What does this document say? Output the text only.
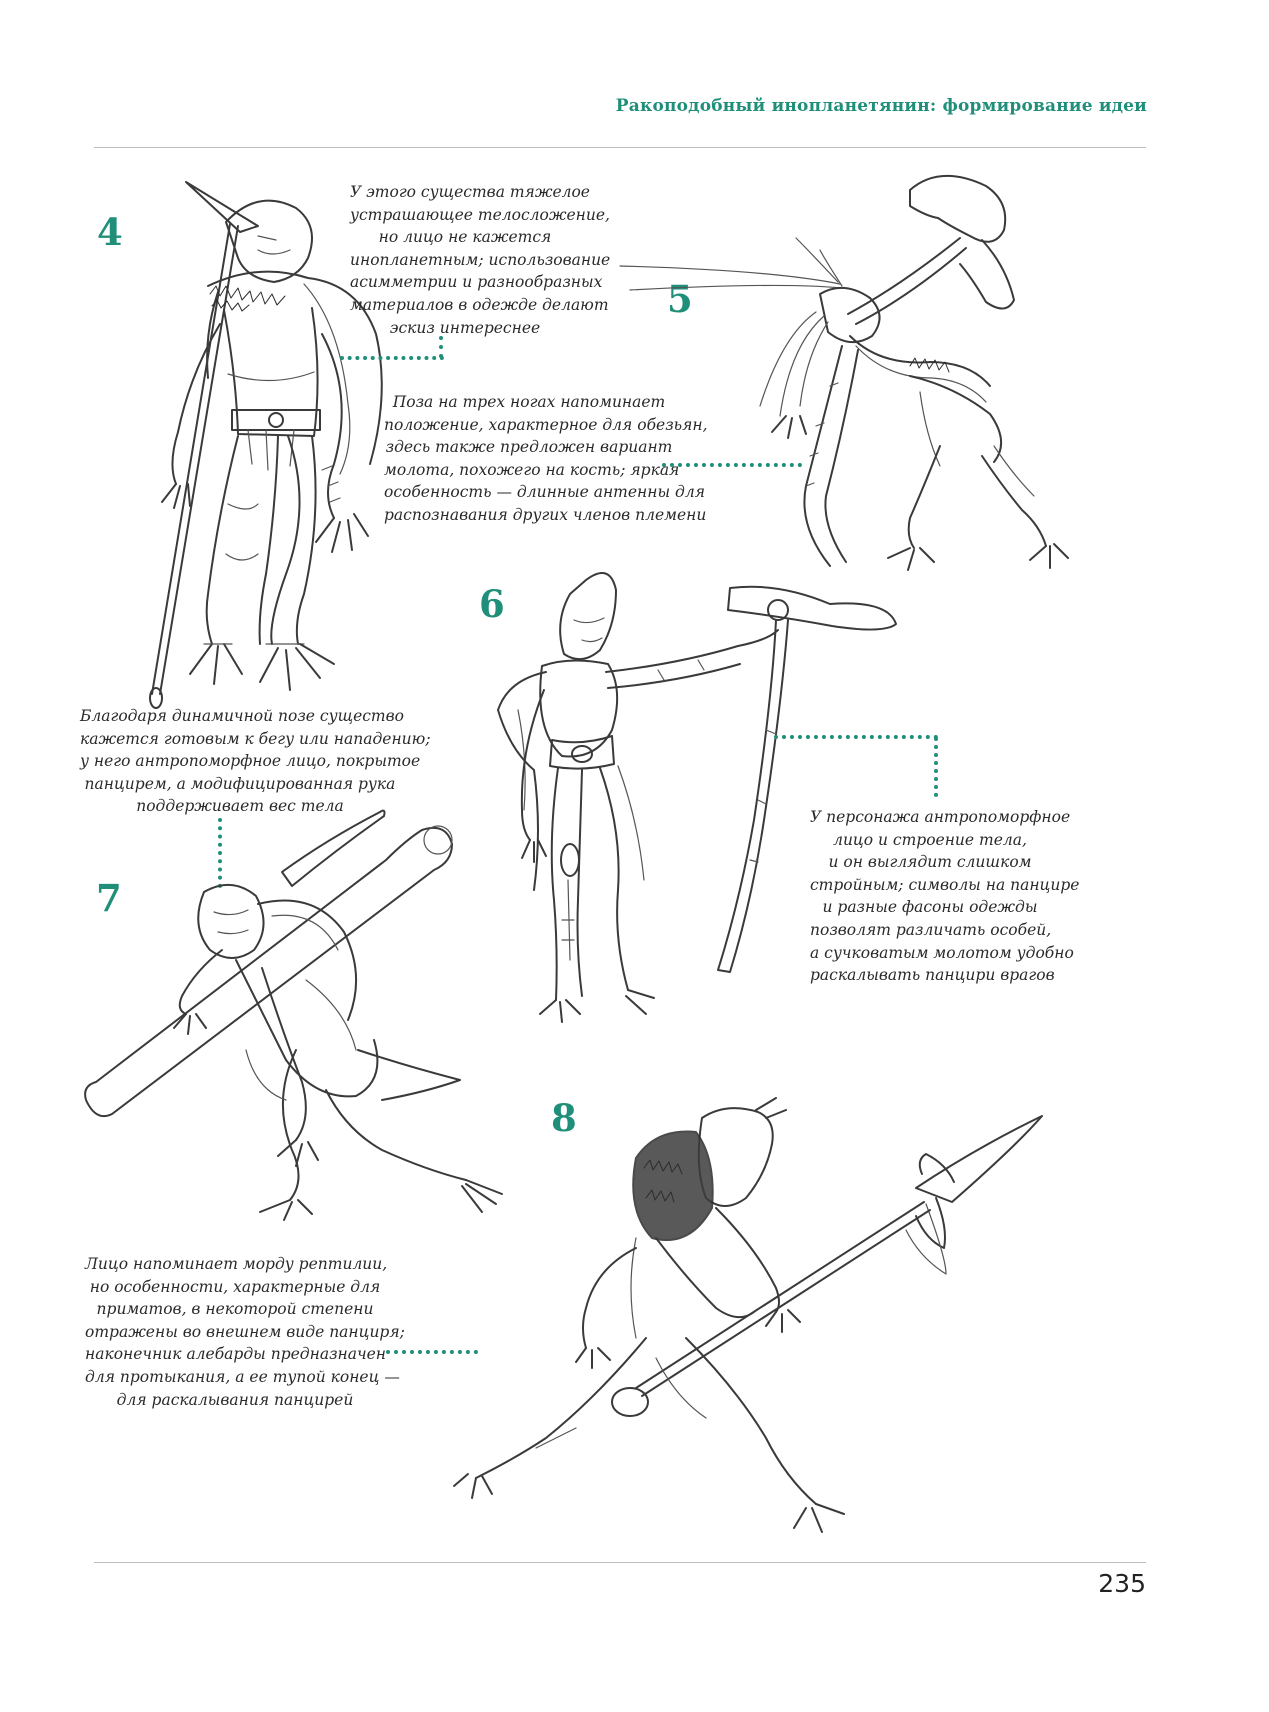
Ракоподобный инопланетянин: формирование идеи
4
У этого существа тяжелое
устрашающее телосложение,
но лицо не кажется
инопланетным; использование
асимметрии и разнообразных
материалов в одежде делают
эскиз интереснее
5
Поза на трех ногах напоминает
положение, характерное для обезьян,
здесь также предложен вариант
молота, похожего на кость; яркая
особенность — длинные антенны для
распознавания других членов племени
6
У персонажа антропоморфное
лицо и строение тела,
и он выглядит слишком
стройным; символы на панцире
и разные фасоны одежды
позволят различать особей,
а сучковатым молотом удобно
раскалывать панцири врагов
7
Благодаря динамичной позе существо
кажется готовым к бегу или нападению;
у него антропоморфное лицо, покрытое
панцирем, а модифицированная рука
поддерживает вес тела
8
Лицо напоминает морду рептилии,
но особенности, характерные для
приматов, в некоторой степени
отражены во внешнем виде панциря;
наконечник алебарды предназначен
для протыкания, а ее тупой конец —
для раскалывания панцирей
235
